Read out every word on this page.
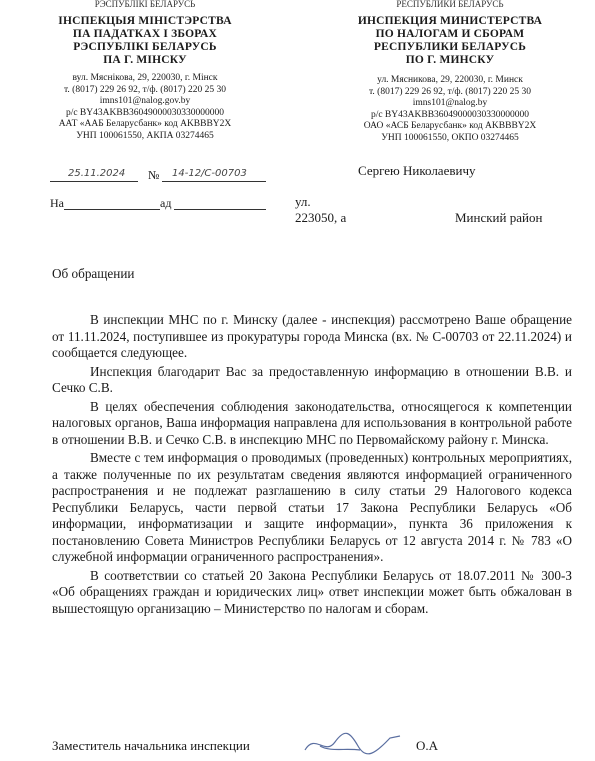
РЭСПУБЛІКІ БЕЛАРУСЬ
ІНСПЕКЦЫЯ МІНІСТЭРСТВА
ПА ПАДАТКАХ І ЗБОРАХ
РЭСПУБЛІКІ БЕЛАРУСЬ
ПА Г. МІНСКУ
вул. Мяснікова, 29, 220030, г. Мінск
т. (8017) 229 26 92, т/ф. (8017) 220 25 30
imns101@nalog.gov.by
р/с BY43AKBB36049000030330000000
ААТ «ААБ Беларусбанк» код AKBBBY2X
УНП 100061550, АКПА 03274465
РЕСПУБЛИКИ БЕЛАРУСЬ
ИНСПЕКЦИЯ МИНИСТЕРСТВА
ПО НАЛОГАМ И СБОРАМ
РЕСПУБЛИКИ БЕЛАРУСЬ
ПО Г. МИНСКУ
ул. Мясникова, 29, 220030, г. Минск
т. (8017) 229 26 92, т/ф. (8017) 220 25 30
imns101@nalog.by
р/с BY43AKBB36049000030330000000
ОАО «АСБ Беларусбанк» код AKBBBY2X
УНП 100061550, ОКПО 03274465
25.11.2024 № 14-12/С-00703
На	ад
Сергею Николаевичу
ул.
223050, а	Минский район
Об обращении

В инспекции МНС по г. Минску (далее - инспекция) рассмотрено Ваше обращение от 11.11.2024, поступившее из прокуратуры города Минска (вх. № С-00703 от 22.11.2024) и сообщается следующее.

Инспекция благодарит Вас за предоставленную информацию в отношении В.В. и Сечко С.В.

В целях обеспечения соблюдения законодательства, относящегося к компетенции налоговых органов, Ваша информация направлена для использования в контрольной работе в отношении В.В. и Сечко С.В. в инспекцию МНС по Первомайскому району г. Минска.

Вместе с тем информация о проводимых (проведенных) контрольных мероприятиях, а также полученные по их результатам сведения являются информацией ограниченного распространения и не подлежат разглашению в силу статьи 29 Налогового кодекса Республики Беларусь, части первой статьи 17 Закона Республики Беларусь «Об информации, информатизации и защите информации», пункта 36 приложения к постановлению Совета Министров Республики Беларусь от 12 августа 2014 г. № 783 «О служебной информации ограниченного распространения».

В соответствии со статьей 20 Закона Республики Беларусь от 18.07.2011 № 300-З «Об обращениях граждан и юридических лиц» ответ инспекции может быть обжалован в вышестоящую организацию – Министерство по налогам и сборам.

Заместитель начальника инспекции	О.А
